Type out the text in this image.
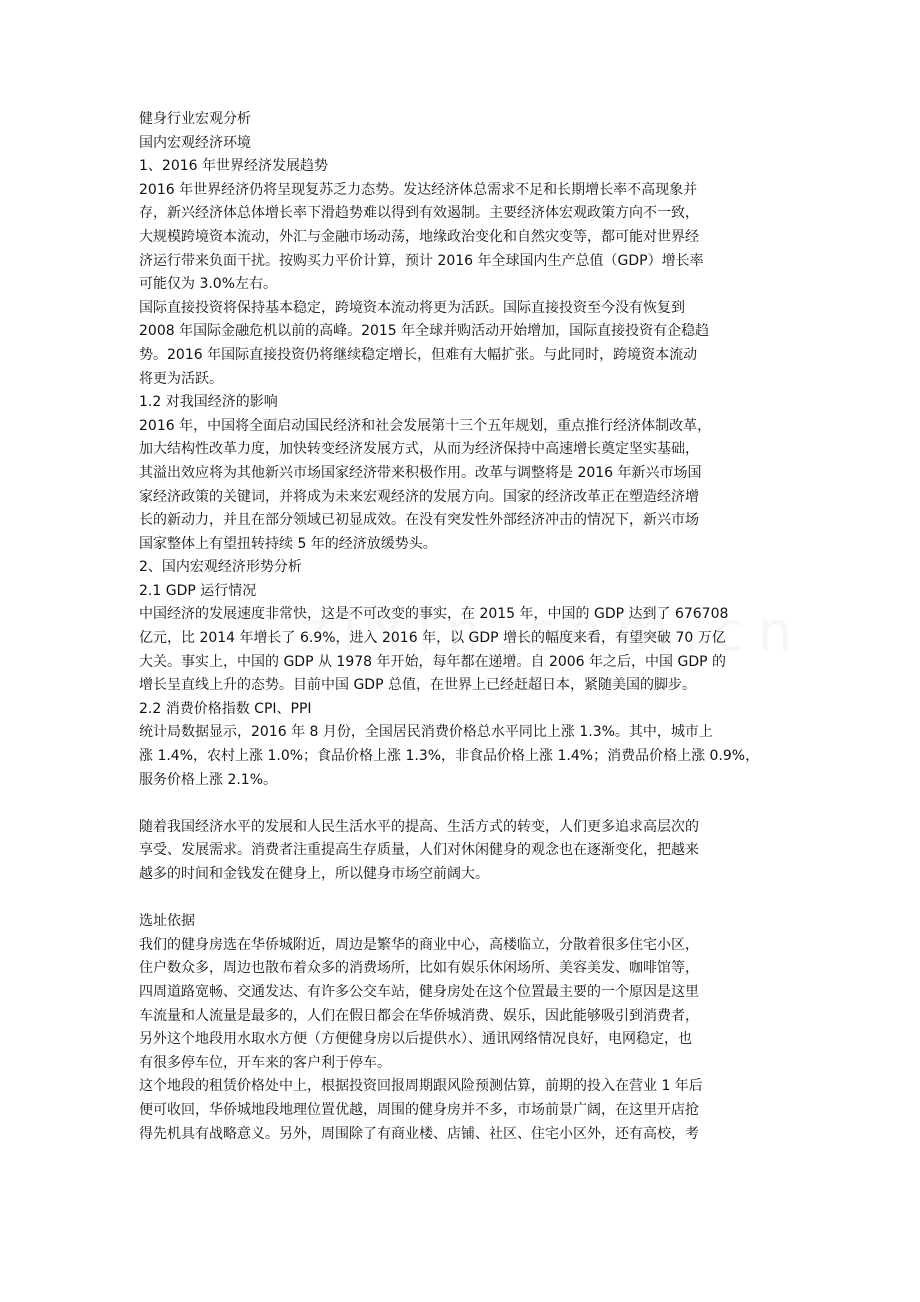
健身行业宏观分析
国内宏观经济环境
1、2016 年世界经济发展趋势
2016 年世界经济仍将呈现复苏乏力态势。发达经济体总需求不足和长期增长率不高现象并
存，新兴经济体总体增长率下滑趋势难以得到有效遏制。主要经济体宏观政策方向不一致，
大规模跨境资本流动，外汇与金融市场动荡，地缘政治变化和自然灾变等，都可能对世界经
济运行带来负面干扰。按购买力平价计算，预计 2016 年全球国内生产总值（GDP）增长率
可能仅为 3.0%左右。
国际直接投资将保持基本稳定，跨境资本流动将更为活跃。国际直接投资至今没有恢复到
2008 年国际金融危机以前的高峰。2015 年全球并购活动开始增加，国际直接投资有企稳趋
势。2016 年国际直接投资仍将继续稳定增长，但难有大幅扩张。与此同时，跨境资本流动
将更为活跃。
1.2 对我国经济的影响
2016 年，中国将全面启动国民经济和社会发展第十三个五年规划，重点推行经济体制改革，
加大结构性改革力度，加快转变经济发展方式，从而为经济保持中高速增长奠定坚实基础，
其溢出效应将为其他新兴市场国家经济带来积极作用。改革与调整将是 2016 年新兴市场国
家经济政策的关键词，并将成为未来宏观经济的发展方向。国家的经济改革正在塑造经济增
长的新动力，并且在部分领域已初显成效。在没有突发性外部经济冲击的情况下，新兴市场
国家整体上有望扭转持续 5 年的经济放缓势头。
2、国内宏观经济形势分析
2.1 GDP 运行情况
中国经济的发展速度非常快，这是不可改变的事实，在 2015 年，中国的 GDP 达到了 676708
亿元，比 2014 年增长了 6.9%，进入 2016 年，以 GDP 增长的幅度来看，有望突破 70 万亿
大关。事实上，中国的 GDP 从 1978 年开始，每年都在递增。自 2006 年之后，中国 GDP 的
增长呈直线上升的态势。目前中国 GDP 总值，在世界上已经赶超日本，紧随美国的脚步。
2.2 消费价格指数 CPI、PPI
统计局数据显示，2016 年 8 月份，全国居民消费价格总水平同比上涨 1.3%。其中，城市上
涨 1.4%，农村上涨 1.0%；食品价格上涨 1.3%，非食品价格上涨 1.4%；消费品价格上涨 0.9%，
服务价格上涨 2.1%。
随着我国经济水平的发展和人民生活水平的提高、生活方式的转变，人们更多追求高层次的
享受、发展需求。消费者注重提高生存质量，人们对休闲健身的观念也在逐渐变化，把越来
越多的时间和金钱发在健身上，所以健身市场空前阔大。
选址依据
我们的健身房选在华侨城附近，周边是繁华的商业中心，高楼临立，分散着很多住宅小区，
住户数众多，周边也散布着众多的消费场所，比如有娱乐休闲场所、美容美发、咖啡馆等，
四周道路宽畅、交通发达、有许多公交车站，健身房处在这个位置最主要的一个原因是这里
车流量和人流量是最多的，人们在假日都会在华侨城消费、娱乐，因此能够吸引到消费者，
另外这个地段用水取水方便（方便健身房以后提供水）、通讯网络情况良好，电网稳定，也
有很多停车位，开车来的客户利于停车。
这个地段的租赁价格处中上，根据投资回报周期跟风险预测估算，前期的投入在营业 1 年后
便可收回，华侨城地段地理位置优越，周围的健身房并不多，市场前景广阔，在这里开店抢
得先机具有战略意义。另外，周围除了有商业楼、店铺、社区、住宅小区外，还有高校，考
